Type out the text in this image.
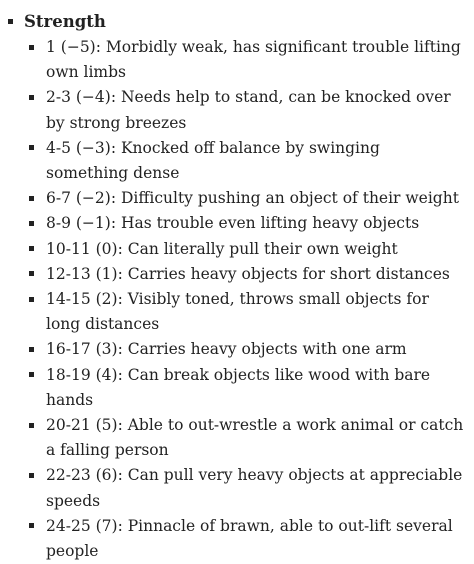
Strength
1 (−5): Morbidly weak, has significant trouble lifting own limbs
2-3 (−4): Needs help to stand, can be knocked over by strong breezes
4-5 (−3): Knocked off balance by swinging something dense
6-7 (−2): Difficulty pushing an object of their weight
8-9 (−1): Has trouble even lifting heavy objects
10-11 (0): Can literally pull their own weight
12-13 (1): Carries heavy objects for short distances
14-15 (2): Visibly toned, throws small objects for long distances
16-17 (3): Carries heavy objects with one arm
18-19 (4): Can break objects like wood with bare hands
20-21 (5): Able to out-wrestle a work animal or catch a falling person
22-23 (6): Can pull very heavy objects at appreciable speeds
24-25 (7): Pinnacle of brawn, able to out-lift several people
